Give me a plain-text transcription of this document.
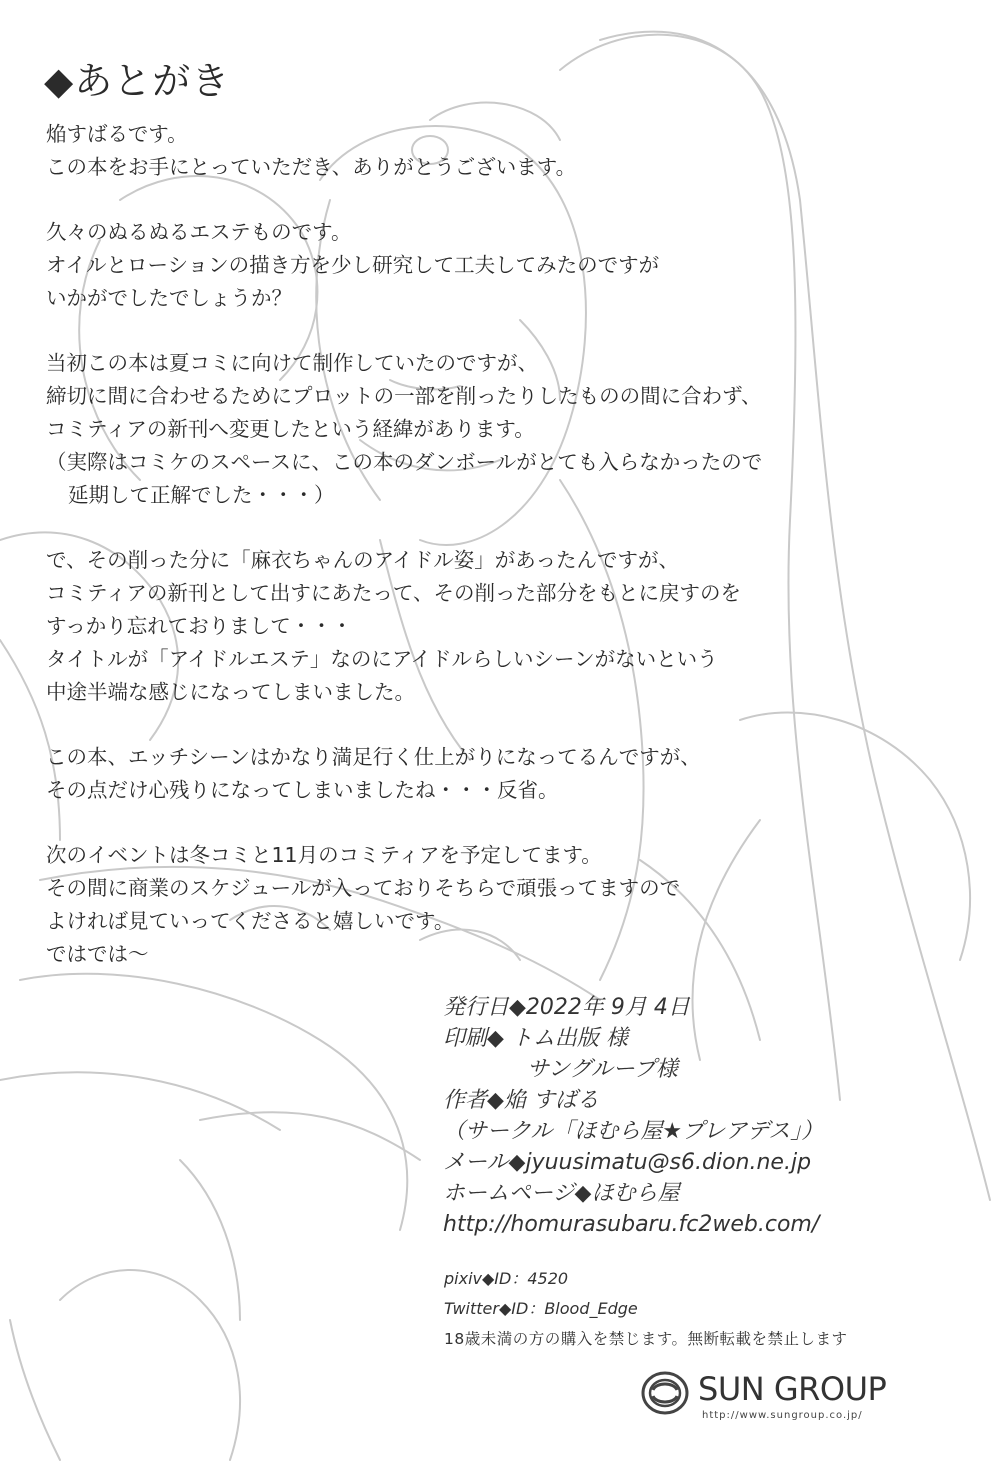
◆あとがき
焔すばるです。
この本をお手にとっていただき、ありがとうございます。
久々のぬるぬるエステものです。
オイルとローションの描き方を少し研究して工夫してみたのですが
いかがでしたでしょうか？
当初この本は夏コミに向けて制作していたのですが、
締切に間に合わせるためにプロットの一部を削ったりしたものの間に合わず、
コミティアの新刊へ変更したという経緯があります。
（実際はコミケのスペースに、この本のダンボールがとても入らなかったので
延期して正解でした・・・）
で、その削った分に「麻衣ちゃんのアイドル姿」があったんですが、
コミティアの新刊として出すにあたって、その削った部分をもとに戻すのを
すっかり忘れておりまして・・・
タイトルが「アイドルエステ」なのにアイドルらしいシーンがないという
中途半端な感じになってしまいました。
この本、エッチシーンはかなり満足行く仕上がりになってるんですが、
その点だけ心残りになってしまいましたね・・・反省。
次のイベントは冬コミと11月のコミティアを予定してます。
その間に商業のスケジュールが入っておりそちらで頑張ってますので
よければ見ていってくださると嬉しいです。
ではでは～
発行日◆2022年 9月 4日
印刷◆ トム出版 様
サングループ様
作者◆焔 すばる
（サークル「ほむら屋★プレアデス」）
メール◆jyuusimatu@s6.dion.ne.jp
ホームページ◆ほむら屋
http://homurasubaru.fc2web.com/
pixiv◆ID：4520
Twitter◆ID：Blood_Edge
18歳未満の方の購入を禁じます。無断転載を禁止します
SUN GROUP
http://www.sungroup.co.jp/
